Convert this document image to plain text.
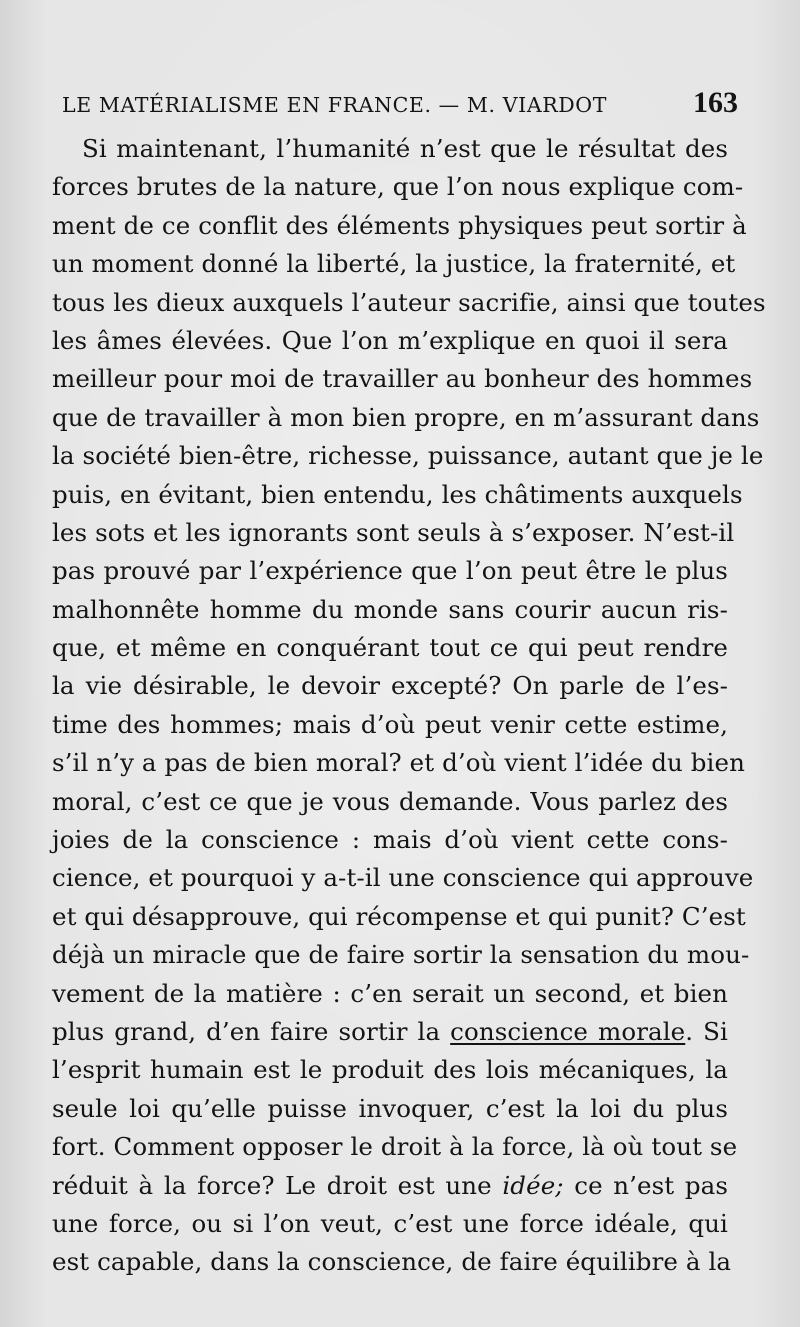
LE MATÉRIALISME EN FRANCE. — M. VIARDOT	163
Si maintenant, l’humanité n’est que le résultat des
forces brutes de la nature, que l’on nous explique com-
ment de ce conflit des éléments physiques peut sortir à
un moment donné la liberté, la justice, la fraternité, et
tous les dieux auxquels l’auteur sacrifie, ainsi que toutes
les âmes élevées. Que l’on m’explique en quoi il sera
meilleur pour moi de travailler au bonheur des hommes
que de travailler à mon bien propre, en m’assurant dans
la société bien-être, richesse, puissance, autant que je le
puis, en évitant, bien entendu, les châtiments auxquels
les sots et les ignorants sont seuls à s’exposer. N’est-il
pas prouvé par l’expérience que l’on peut être le plus
malhonnête homme du monde sans courir aucun ris-
que, et même en conquérant tout ce qui peut rendre
la vie désirable, le devoir excepté? On parle de l’es-
time des hommes; mais d’où peut venir cette estime,
s’il n’y a pas de bien moral? et d’où vient l’idée du bien
moral, c’est ce que je vous demande. Vous parlez des
joies de la conscience : mais d’où vient cette cons-
cience, et pourquoi y a-t-il une conscience qui approuve
et qui désapprouve, qui récompense et qui punit? C’est
déjà un miracle que de faire sortir la sensation du mou-
vement de la matière : c’en serait un second, et bien
plus grand, d’en faire sortir la conscience morale. Si
l’esprit humain est le produit des lois mécaniques, la
seule loi qu’elle puisse invoquer, c’est la loi du plus
fort. Comment opposer le droit à la force, là où tout se
réduit à la force? Le droit est une idée; ce n’est pas
une force, ou si l’on veut, c’est une force idéale, qui
est capable, dans la conscience, de faire équilibre à la
